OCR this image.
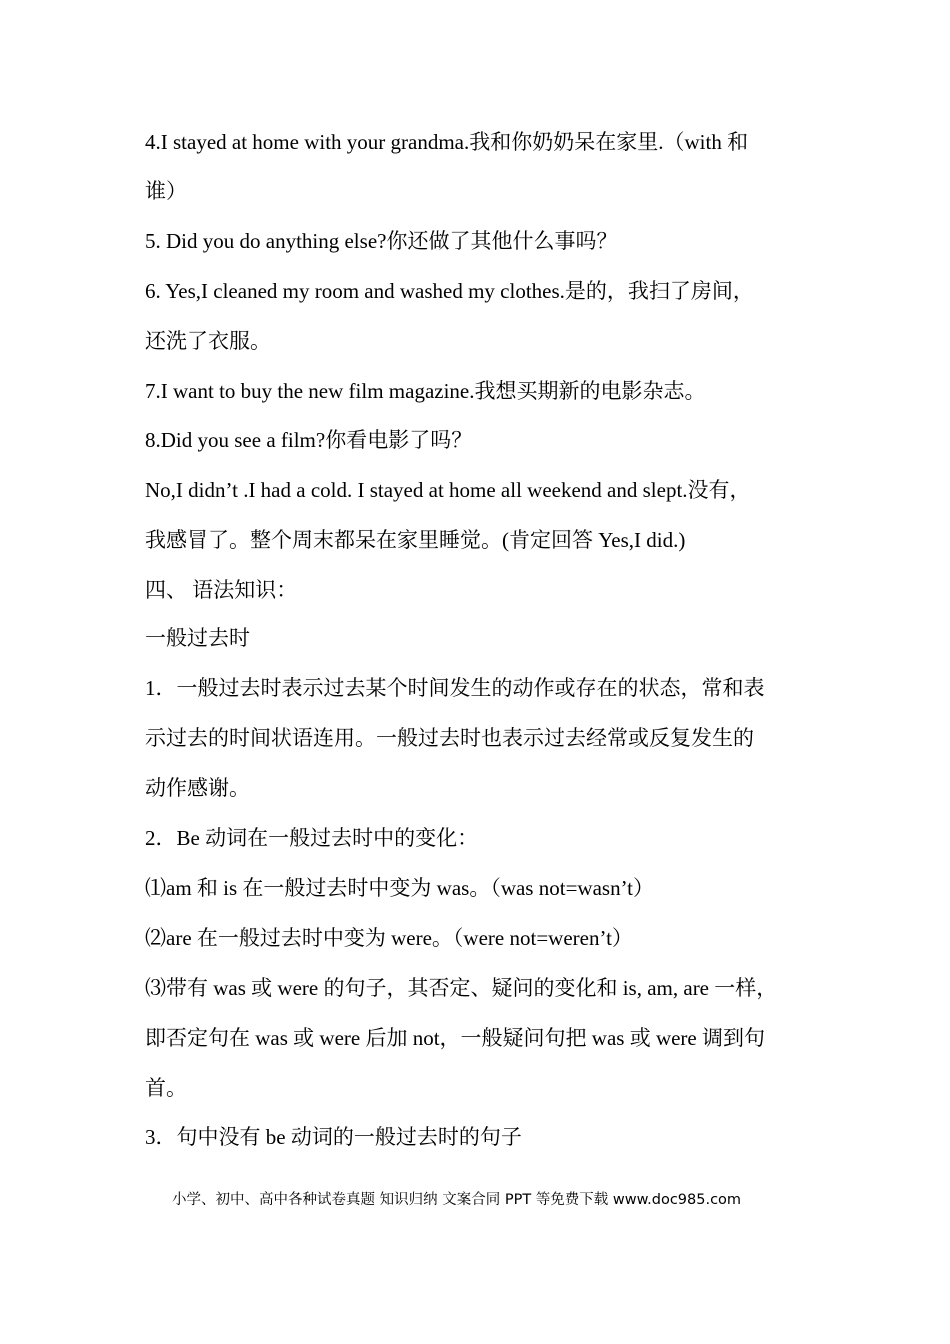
4.I stayed at home with your grandma.我和你奶奶呆在家里.（with 和
谁）
5. Did you do anything else?你还做了其他什么事吗？
6. Yes,I cleaned my room and washed my clothes.是的，我扫了房间，
还洗了衣服。
7.I want to buy the new film magazine.我想买期新的电影杂志。
8.Did you see a film?你看电影了吗？
No,I didn’t .I had a cold. I stayed at home all weekend and slept.没有，
我感冒了。整个周末都呆在家里睡觉。(肯定回答 Yes,I did.)
四、 语法知识：
一般过去时
1．一般过去时表示过去某个时间发生的动作或存在的状态，常和表
示过去的时间状语连用。一般过去时也表示过去经常或反复发生的
动作感谢。
2．Be 动词在一般过去时中的变化：
⑴am 和 is 在一般过去时中变为 was。（was not=wasn’t）
⑵are 在一般过去时中变为 were。（were not=weren’t）
⑶带有 was 或 were 的句子，其否定、疑问的变化和 is, am, are 一样，
即否定句在 was 或 were 后加 not，一般疑问句把 was 或 were 调到句
首。
3．句中没有 be 动词的一般过去时的句子
小学、初中、高中各种试卷真题 知识归纳 文案合同 PPT 等免费下载 www.doc985.com
